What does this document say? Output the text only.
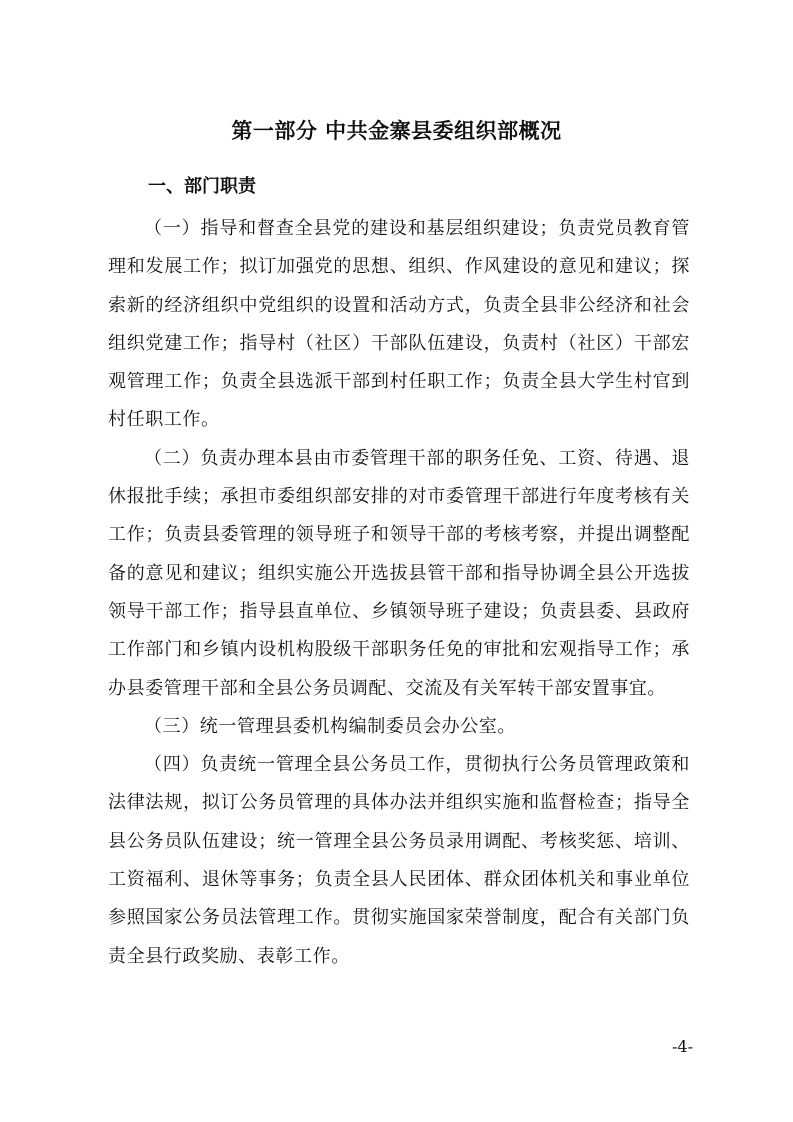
第一部分 中共金寨县委组织部概况
一、部门职责

（一）指导和督查全县党的建设和基层组织建设；负责党员教育管理和发展工作；拟订加强党的思想、组织、作风建设的意见和建议；探索新的经济组织中党组织的设置和活动方式，负责全县非公经济和社会组织党建工作；指导村（社区）干部队伍建设，负责村（社区）干部宏观管理工作；负责全县选派干部到村任职工作；负责全县大学生村官到村任职工作。

（二）负责办理本县由市委管理干部的职务任免、工资、待遇、退休报批手续；承担市委组织部安排的对市委管理干部进行年度考核有关工作；负责县委管理的领导班子和领导干部的考核考察，并提出调整配备的意见和建议；组织实施公开选拔县管干部和指导协调全县公开选拔领导干部工作；指导县直单位、乡镇领导班子建设；负责县委、县政府工作部门和乡镇内设机构股级干部职务任免的审批和宏观指导工作；承办县委管理干部和全县公务员调配、交流及有关军转干部安置事宜。

（三）统一管理县委机构编制委员会办公室。

（四）负责统一管理全县公务员工作，贯彻执行公务员管理政策和法律法规，拟订公务员管理的具体办法并组织实施和监督检查；指导全县公务员队伍建设；统一管理全县公务员录用调配、考核奖惩、培训、工资福利、退休等事务；负责全县人民团体、群众团体机关和事业单位参照国家公务员法管理工作。贯彻实施国家荣誉制度，配合有关部门负责全县行政奖励、表彰工作。

-4-
